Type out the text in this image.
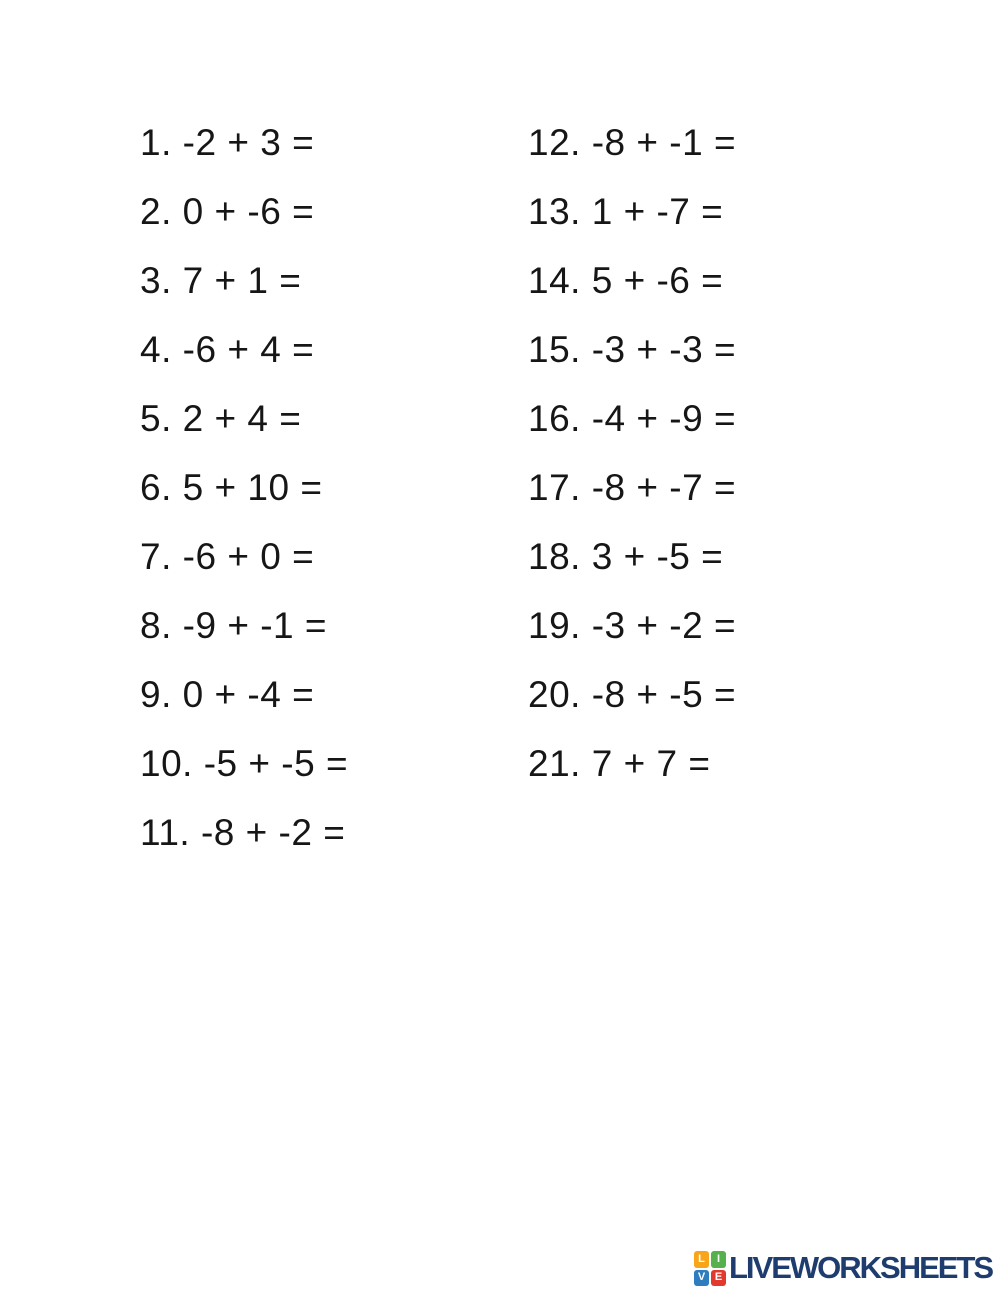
1. -2 + 3 =
2. 0 + -6 =
3. 7 + 1 =
4. -6 + 4 =
5. 2 + 4 =
6. 5 + 10 =
7. -6 + 0 =
8. -9 + -1 =
9. 0 + -4 =
10. -5 + -5 =
11. -8 + -2 =
12. -8 + -1 =
13. 1 + -7 =
14. 5 + -6 =
15. -3 + -3 =
16. -4 + -9 =
17. -8 + -7 =
18. 3 + -5 =
19. -3 + -2 =
20. -8 + -5 =
21. 7 + 7 =
L	I
V E LIVEWORKSHEETS
